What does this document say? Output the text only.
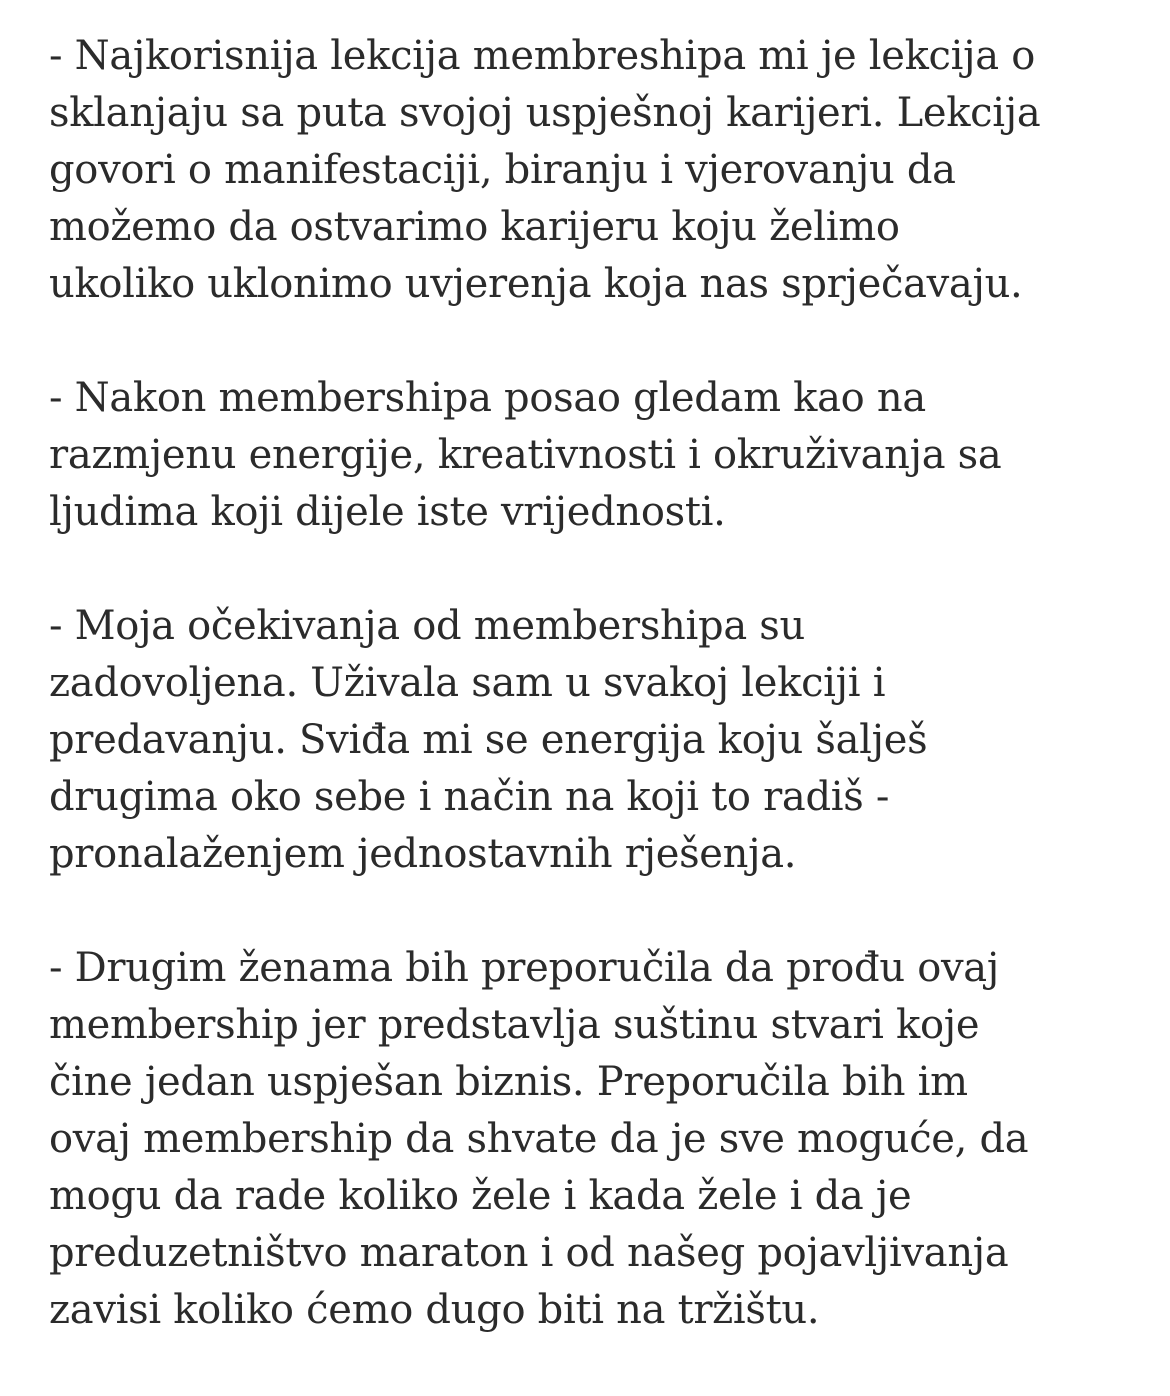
- Najkorisnija lekcija membreshipa mi je lekcija o
sklanjaju sa puta svojoj uspješnoj karijeri. Lekcija
govori o manifestaciji, biranju i vjerovanju da
možemo da ostvarimo karijeru koju želimo
ukoliko uklonimo uvjerenja koja nas sprječavaju.

- Nakon membershipa posao gledam kao na
razmjenu energije, kreativnosti i okruživanja sa
ljudima koji dijele iste vrijednosti.

- Moja očekivanja od membershipa su
zadovoljena. Uživala sam u svakoj lekciji i
predavanju. Sviđa mi se energija koju šalješ
drugima oko sebe i način na koji to radiš -
pronalaženjem jednostavnih rješenja.

- Drugim ženama bih preporučila da prođu ovaj
membership jer predstavlja suštinu stvari koje
čine jedan uspješan biznis. Preporučila bih im
ovaj membership da shvate da je sve moguće, da
mogu da rade koliko žele i kada žele i da je
preduzetništvo maraton i od našeg pojavljivanja
zavisi koliko ćemo dugo biti na tržištu.
